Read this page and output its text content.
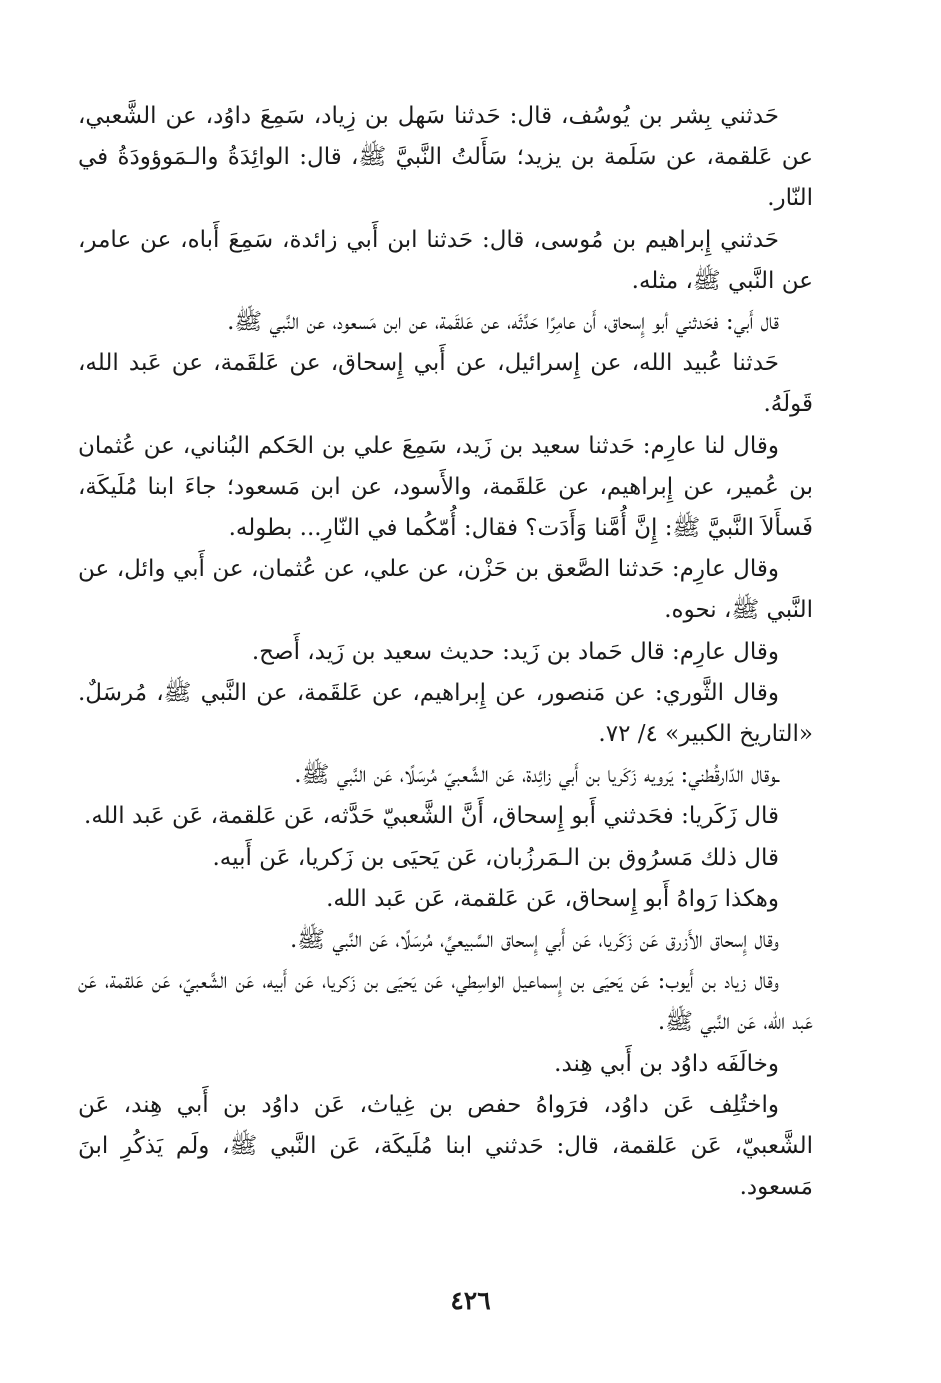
حَدثني بِشر بن يُوسُف، قال: حَدثنا سَهل بن زِياد، سَمِعَ داوُد، عن الشَّعبي، عن عَلقمة، عن سَلَمة بن يزيد؛ سَأَلتُ النَّبيَّ ﷺ، قال: الوائِدَةُ والـمَوؤودَةُ في النّار.

حَدثني إِبراهيم بن مُوسى، قال: حَدثنا ابن أَبي زائدة، سَمِعَ أَباه، عن عامر، عن النَّبي ﷺ، مثله.

قال أَبي: فحَدثني أبو إِسحاق، أَن عامِرًا حَدَّثَه، عن عَلقَمة، عن ابن مَسعود، عن النَّبي ﷺ.

حَدثنا عُبيد الله، عن إِسرائيل، عن أَبي إِسحاق، عن عَلقَمة، عن عَبد الله، قَولَهُ.

وقال لنا عارِم: حَدثنا سعيد بن زَيد، سَمِعَ علي بن الحَكم البُناني، عن عُثمان بن عُمير، عن إِبراهيم، عن عَلقَمة، والأَسود، عن ابن مَسعود؛ جاءَ ابنا مُلَيكَة، فَسأَلاَ النَّبيَّ ﷺ: إِنَّ أُمَّنا وَأَدَت؟ فقال: أُمّكُما في النّارِ... بطوله.

وقال عارِم: حَدثنا الصَّعق بن حَزْن، عن علي، عن عُثمان، عن أَبي وائل، عن النَّبي ﷺ، نحوه.

وقال عارِم: قال حَماد بن زَيد: حديث سعيد بن زَيد، أَصح.

وقال الثَّوري: عن مَنصور، عن إِبراهيم، عن عَلقَمة، عن النَّبي ﷺ، مُرسَلٌ. «التاريخ الكبير» ٤/ ٧٢.

ـوقال الدّارقُطني: يَرويه زَكَريا بن أَبي زائِدة، عَن الشَّعبيّ مُرسَلًا، عَن النَّبي ﷺ.

قال زَكَريا: فحَدثني أَبو إِسحاق، أَنَّ الشَّعبيّ حَدَّثه، عَن عَلقمة، عَن عَبد الله.

قال ذلك مَسرُوق بن الـمَرزُبان، عَن يَحيَى بن زَكريا، عَن أَبيه.

وهكذا رَواهُ أَبو إِسحاق، عَن عَلقمة، عَن عَبد الله.

وقال إِسحاق الأَزرق عَن زَكَريا، عَن أَبي إِسحاق السَّبيعيِّ، مُرسَلًا، عَن النَّبي ﷺ.

وقال زياد بن أَيوب: عَن يَحيَى بن إِسماعيل الواسِطي، عَن يَحيَى بن زَكريا، عَن أَبيه، عَن الشَّعبيّ، عَن عَلقمة، عَن عَبد الله، عَن النَّبي ﷺ.

وخالَفَه داوُد بن أَبي هِند.

واختُلِف عَن داوُد، فرَواهُ حفص بن غِياث، عَن داوُد بن أَبي هِند، عَن الشَّعبيّ، عَن عَلقمة، قال: حَدثني ابنا مُلَيكَة، عَن النَّبي ﷺ، ولَم يَذكُرِ ابنَ مَسعود.

٤٢٦
